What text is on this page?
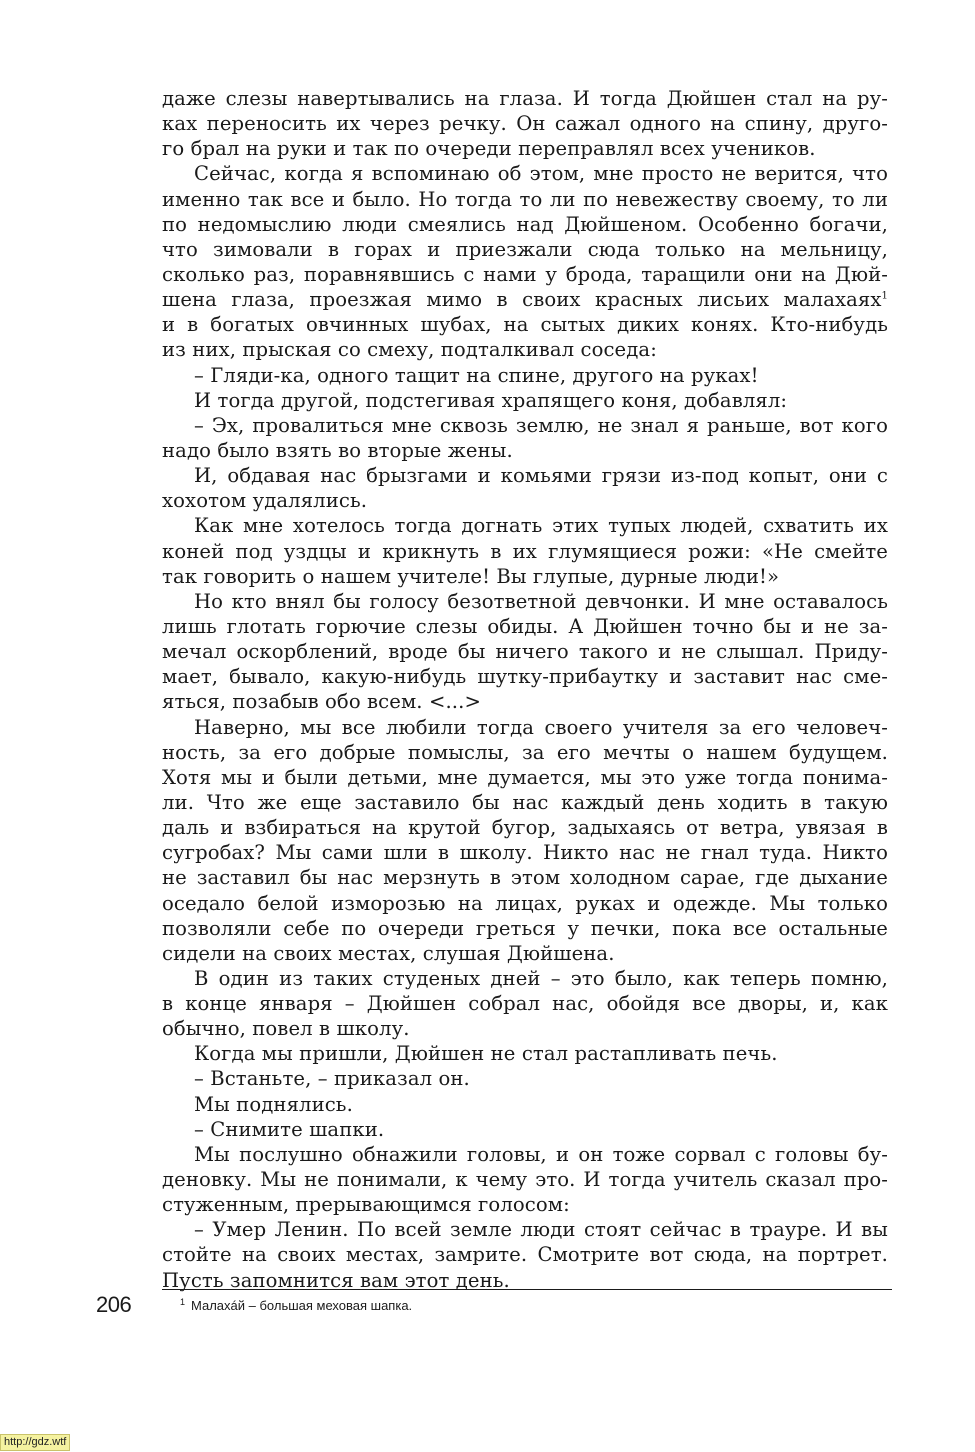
даже слезы навертывались на глаза. И тогда Дюйшен стал на ру-
ках переносить их через речку. Он сажал одного на спину, друго-
го брал на руки и так по очереди переправлял всех учеников.
Сейчас, когда я вспоминаю об этом, мне просто не верится, что
именно так все и было. Но тогда то ли по невежеству своему, то ли
по недомыслию люди смеялись над Дюйшеном. Особенно богачи,
что зимовали в горах и приезжали сюда только на мельницу,
сколько раз, поравнявшись с нами у брода, таращили они на Дюй-
шена глаза, проезжая мимо в своих красных лисьих малахаях$^1$
и в богатых овчинных шубах, на сытых диких конях. Кто-нибудь
из них, прыская со смеху, подталкивал соседа:
– Гляди-ка, одного тащит на спине, другого на руках!
И тогда другой, подстегивая храпящего коня, добавлял:
– Эх, провалиться мне сквозь землю, не знал я раньше, вот кого
надо было взять во вторые жены.
И, обдавая нас брызгами и комьями грязи из-под копыт, они с
хохотом удалялись.
Как мне хотелось тогда догнать этих тупых людей, схватить их
коней под уздцы и крикнуть в их глумящиеся рожи: «Не смейте
так говорить о нашем учителе! Вы глупые, дурные люди!»
Но кто внял бы голосу безответной девчонки. И мне оставалось
лишь глотать горючие слезы обиды. А Дюйшен точно бы и не за-
мечал оскорблений, вроде бы ничего такого и не слышал. Приду-
мает, бывало, какую-нибудь шутку-прибаутку и заставит нас сме-
яться, позабыв обо всем. <...>
Наверно, мы все любили тогда своего учителя за его человеч-
ность, за его добрые помыслы, за его мечты о нашем будущем.
Хотя мы и были детьми, мне думается, мы это уже тогда понима-
ли. Что же еще заставило бы нас каждый день ходить в такую
даль и взбираться на крутой бугор, задыхаясь от ветра, увязая в
сугробах? Мы сами шли в школу. Никто нас не гнал туда. Никто
не заставил бы нас мерзнуть в этом холодном сарае, где дыхание
оседало белой изморозью на лицах, руках и одежде. Мы только
позволяли себе по очереди греться у печки, пока все остальные
сидели на своих местах, слушая Дюйшена.
В один из таких студеных дней – это было, как теперь помню,
в конце января – Дюйшен собрал нас, обойдя все дворы, и, как
обычно, повел в школу.
Когда мы пришли, Дюйшен не стал растапливать печь.
– Встаньте, – приказал он.
Мы поднялись.
– Снимите шапки.
Мы послушно обнажили головы, и он тоже сорвал с головы бу-
деновку. Мы не понимали, к чему это. И тогда учитель сказал про-
стуженным, прерывающимся голосом:
– Умер Ленин. По всей земле люди стоят сейчас в трауре. И вы
стойте на своих местах, замрите. Смотрите вот сюда, на портрет.
Пусть запомнится вам этот день.
206	$^1$ Малахáй – большая меховая шапка.
http://gdz.wtf
